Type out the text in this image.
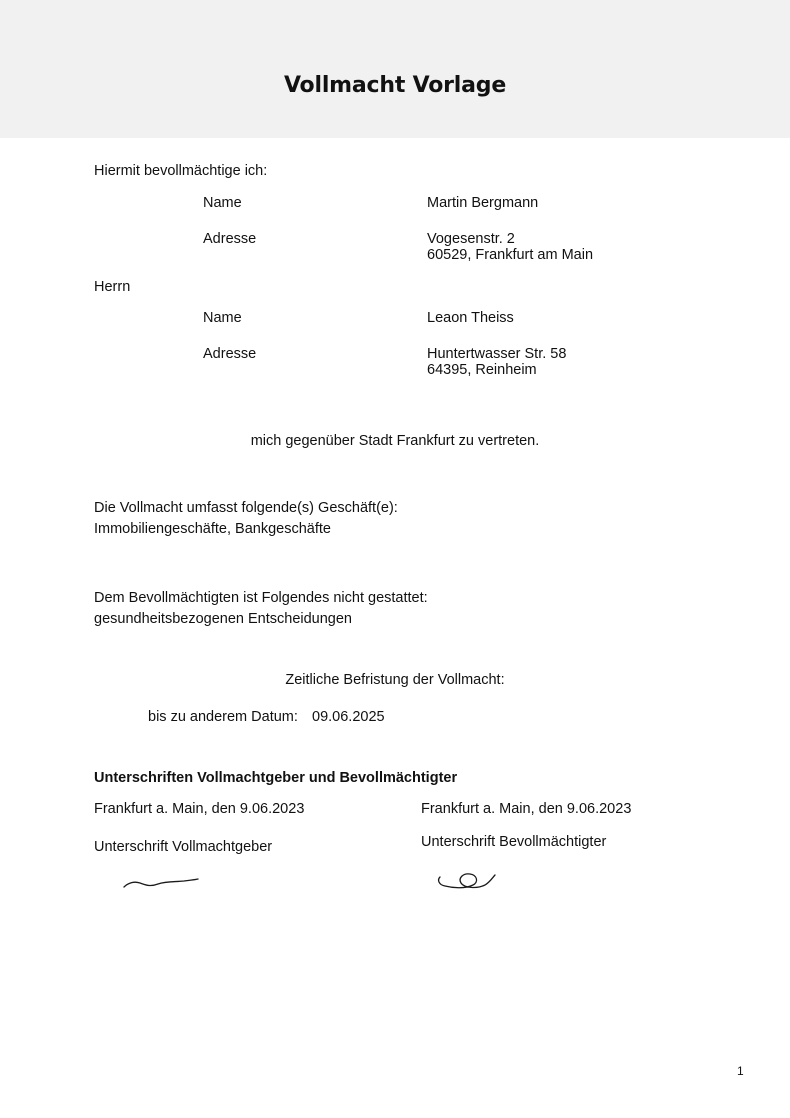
Vollmacht Vorlage
Hiermit bevollmächtige ich:
Name	Martin Bergmann
Adresse	Vogesenstr. 2
60529, Frankfurt am Main
Herrn
Name	Leaon Theiss
Adresse	Huntertwasser Str. 58
64395, Reinheim
mich gegenüber Stadt Frankfurt zu vertreten.
Die Vollmacht umfasst folgende(s) Geschäft(e):
Immobiliengeschäfte, Bankgeschäfte
Dem Bevollmächtigten ist Folgendes nicht gestattet:
gesundheitsbezogenen Entscheidungen
Zeitliche Befristung der Vollmacht:
bis zu anderem Datum: 09.06.2025
Unterschriften Vollmachtgeber und Bevollmächtigter
Frankfurt a. Main, den 9.06.2023	Frankfurt a. Main, den 9.06.2023
Unterschrift Vollmachtgeber	Unterschrift Bevollmächtigter
1
